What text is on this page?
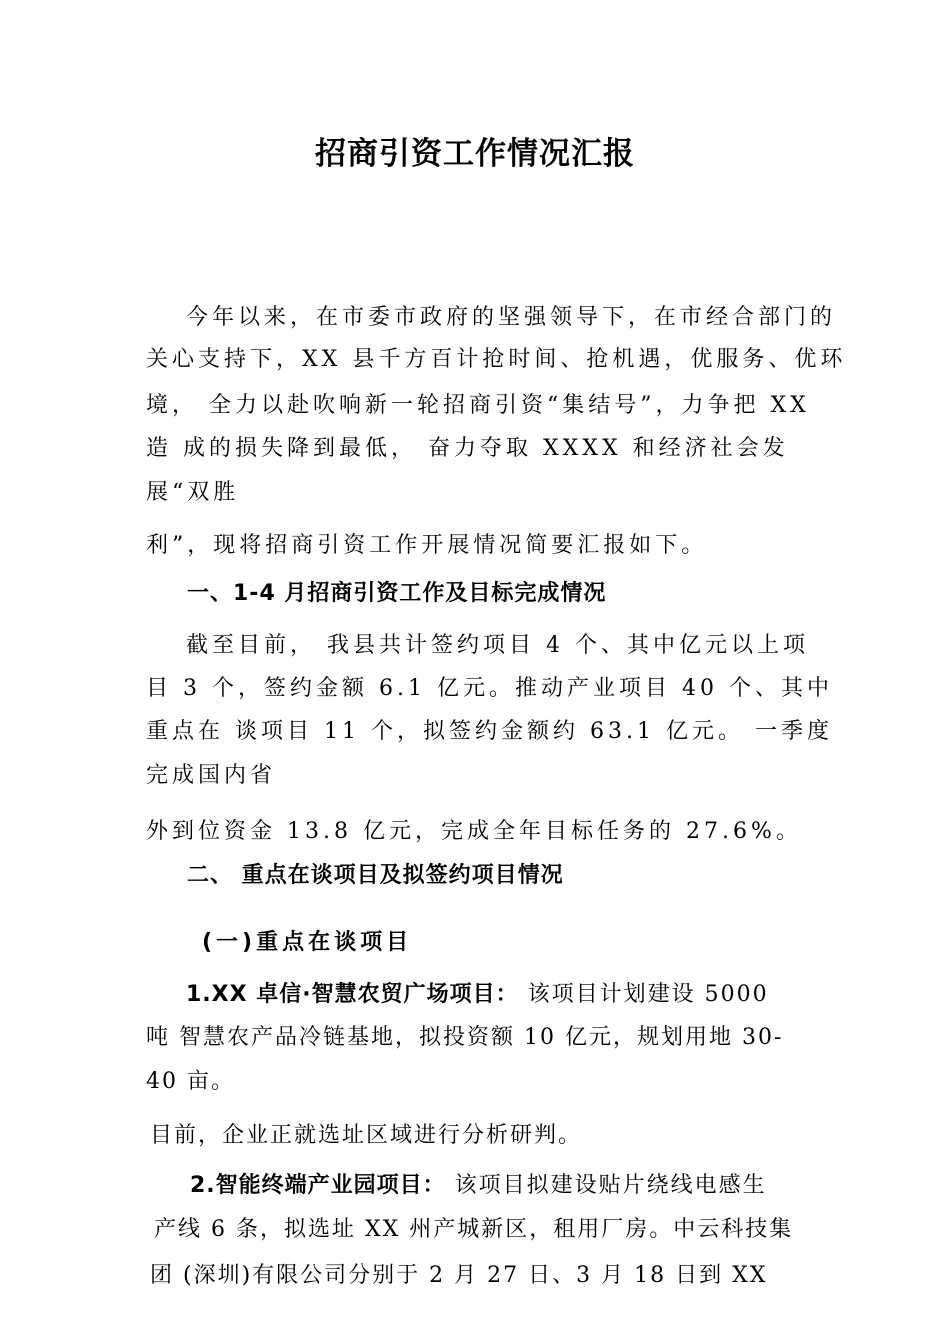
招商引资工作情况汇报
今年以来，在市委市政府的坚强领导下，在市经合部门的
关心支持下，XX 县千方百计抢时间、抢机遇，优服务、优环
境， 全力以赴吹响新一轮招商引资“集结号”，力争把 XX
造 成的损失降到最低， 奋力夺取 XXXX 和经济社会发
展“双胜
利”，现将招商引资工作开展情况简要汇报如下。
一、1-4 月招商引资工作及目标完成情况
截至目前， 我县共计签约项目 4 个、其中亿元以上项
目 3 个，签约金额 6.1 亿元。推动产业项目 40 个、其中
重点在 谈项目 11 个，拟签约金额约 63.1 亿元。 一季度
完成国内省
外到位资金 13.8 亿元，完成全年目标任务的 27.6%。
二、 重点在谈项目及拟签约项目情况
(一)重点在谈项目
1.XX 卓信·智慧农贸广场项目： 该项目计划建设 5000
吨 智慧农产品冷链基地，拟投资额 10 亿元，规划用地 30-
40 亩。
目前，企业正就选址区域进行分析研判。
2.智能终端产业园项目： 该项目拟建设贴片绕线电感生
产线 6 条，拟选址 XX 州产城新区，租用厂房。中云科技集
团 (深圳)有限公司分别于 2 月 27 日、3 月 18 日到 XX
